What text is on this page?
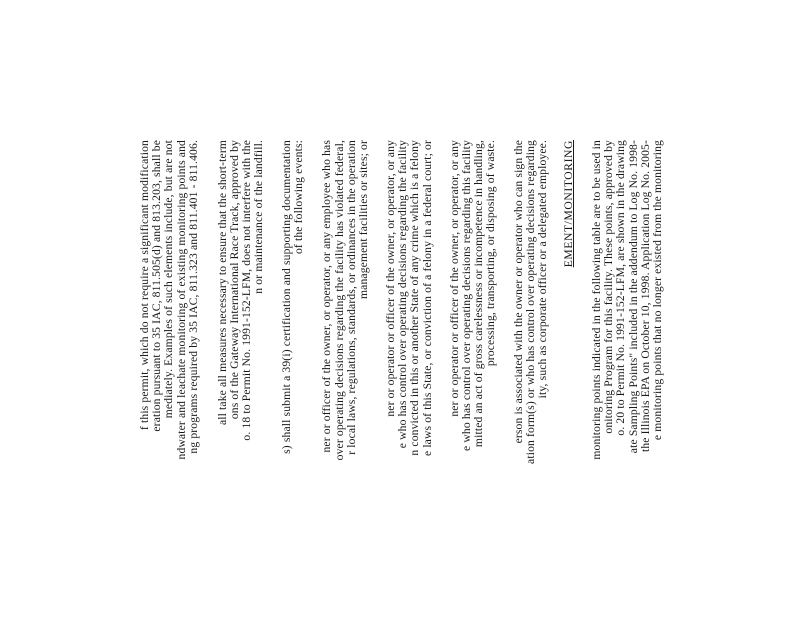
f this permit, which do not require a significant modification eration pursuant to 35 IAC, 811.505(d) and 813.203, shall be mediately. Examples of such elements include, but are not ndwater and leachate monitoring of existing monitoring points and ng programs required by 35 IAC, 811.323 and 811.401 - 811.406. all take all measures necessary to ensure that the short-term ons of the Gateway International Race Track, approved by o. 18 to Permit No. 1991-152-LFM, does not interfere with the n or maintenance of the landfill. s) shall submit a 39(i) certification and supporting documentation of the following events: ner or officer of the owner, or operator, or any employee who has over operating decisions regarding the facility has violated federal, r local laws, regulations, standards, or ordinances in the operation management facilities or sites; or ner or operator or officer of the owner, or operator, or any e who has control over operating decisions regarding the facility n convicted in this or another State of any crime which is a felony e laws of this State, or conviction of a felony in a federal court; or ner or operator or officer of the owner, or operator, or any e who has control over operating decisions regarding this facility mitted an act of gross carelessness or incompetence in handling, processing, transporting, or disposing of waste. erson is associated with the owner or operator who can sign the ation form(s) or who has control over operating decisions regarding ity, such as corporate officer or a delegated employee. EMENT/MONITORING monitoring points indicated in the following table are to be used in onitoring Program for this facility. These points, approved by o. 20 to Permit No. 1991-152-LFM, are shown in the drawing ate Sampling Points" included in the addendum to Log No. 1998- the Illinois EPA on October 10, 1998. Application Log No. 2005- e monitoring points that no longer existed from the monitoring
